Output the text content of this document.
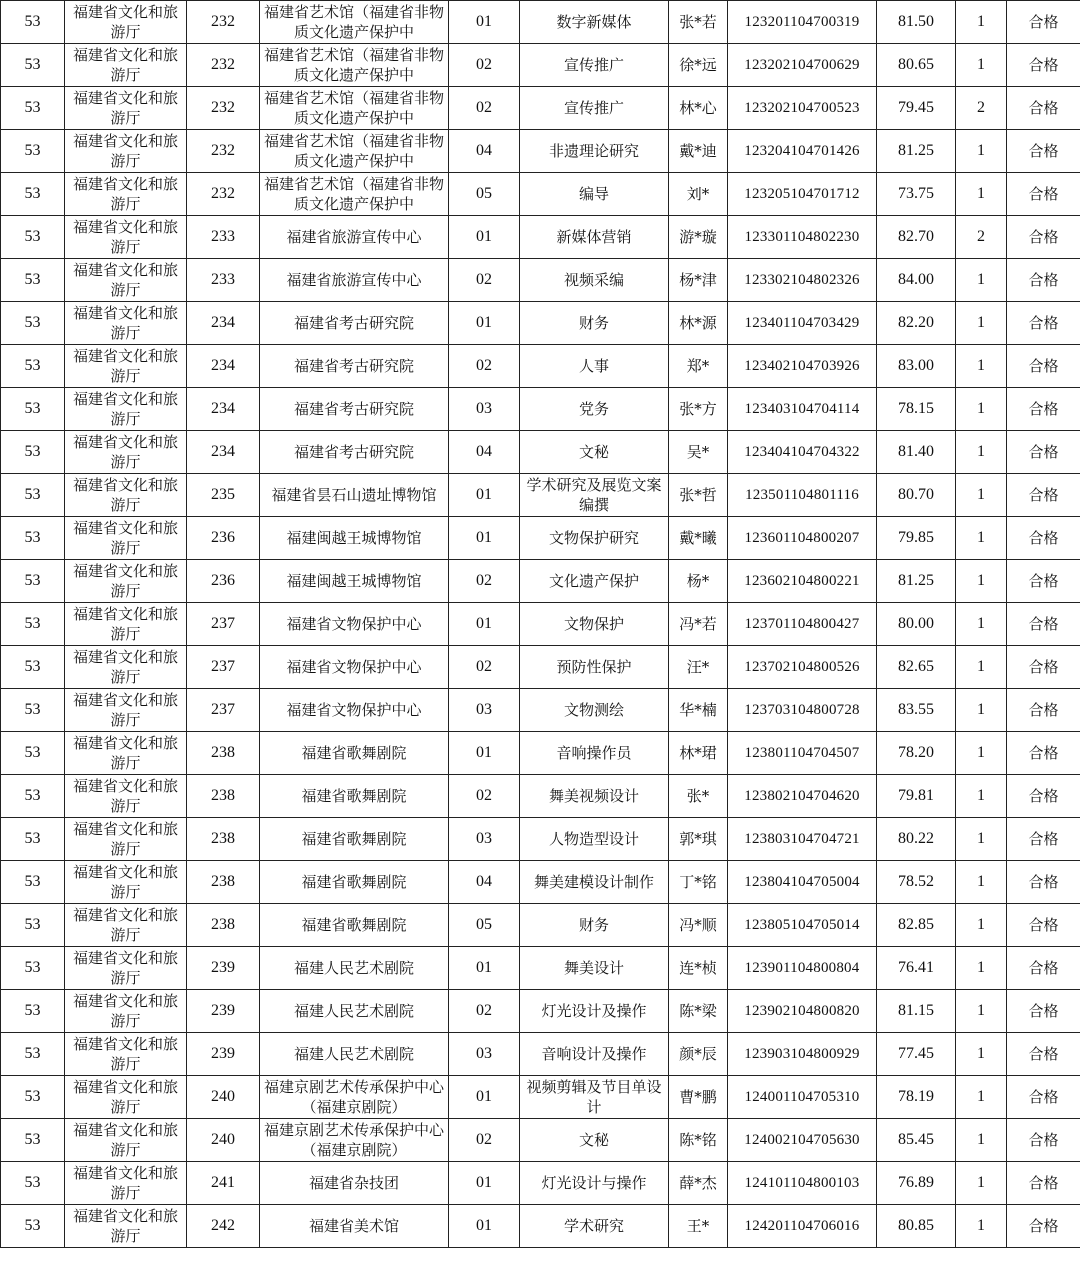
53	福建省文化和旅游厅	232	福建省艺术馆（福建省非物质文化遗产保护中	01	数字新媒体	张*若	123201104700319	81.50	1	合格
53	福建省文化和旅游厅	232	福建省艺术馆（福建省非物质文化遗产保护中	02	宣传推广	徐*远	123202104700629	80.65	1	合格
53	福建省文化和旅游厅	232	福建省艺术馆（福建省非物质文化遗产保护中	02	宣传推广	林*心	123202104700523	79.45	2	合格
53	福建省文化和旅游厅	232	福建省艺术馆（福建省非物质文化遗产保护中	04	非遗理论研究	戴*迪	123204104701426	81.25	1	合格
53	福建省文化和旅游厅	232	福建省艺术馆（福建省非物质文化遗产保护中	05	编导	刘*	123205104701712	73.75	1	合格
53	福建省文化和旅游厅	233	福建省旅游宣传中心	01	新媒体营销	游*璇	123301104802230	82.70	2	合格
53	福建省文化和旅游厅	233	福建省旅游宣传中心	02	视频采编	杨*津	123302104802326	84.00	1	合格
53	福建省文化和旅游厅	234	福建省考古研究院	01	财务	林*源	123401104703429	82.20	1	合格
53	福建省文化和旅游厅	234	福建省考古研究院	02	人事	郑*	123402104703926	83.00	1	合格
53	福建省文化和旅游厅	234	福建省考古研究院	03	党务	张*方	123403104704114	78.15	1	合格
53	福建省文化和旅游厅	234	福建省考古研究院	04	文秘	吴*	123404104704322	81.40	1	合格
53	福建省文化和旅游厅	235	福建省昙石山遗址博物馆	01	学术研究及展览文案编撰	张*哲	123501104801116	80.70	1	合格
53	福建省文化和旅游厅	236	福建闽越王城博物馆	01	文物保护研究	戴*曦	123601104800207	79.85	1	合格
53	福建省文化和旅游厅	236	福建闽越王城博物馆	02	文化遗产保护	杨*	123602104800221	81.25	1	合格
53	福建省文化和旅游厅	237	福建省文物保护中心	01	文物保护	冯*若	123701104800427	80.00	1	合格
53	福建省文化和旅游厅	237	福建省文物保护中心	02	预防性保护	汪*	123702104800526	82.65	1	合格
53	福建省文化和旅游厅	237	福建省文物保护中心	03	文物测绘	华*楠	123703104800728	83.55	1	合格
53	福建省文化和旅游厅	238	福建省歌舞剧院	01	音响操作员	林*珺	123801104704507	78.20	1	合格
53	福建省文化和旅游厅	238	福建省歌舞剧院	02	舞美视频设计	张*	123802104704620	79.81	1	合格
53	福建省文化和旅游厅	238	福建省歌舞剧院	03	人物造型设计	郭*琪	123803104704721	80.22	1	合格
53	福建省文化和旅游厅	238	福建省歌舞剧院	04	舞美建模设计制作	丁*铭	123804104705004	78.52	1	合格
53	福建省文化和旅游厅	238	福建省歌舞剧院	05	财务	冯*顺	123805104705014	82.85	1	合格
53	福建省文化和旅游厅	239	福建人民艺术剧院	01	舞美设计	连*桢	123901104800804	76.41	1	合格
53	福建省文化和旅游厅	239	福建人民艺术剧院	02	灯光设计及操作	陈*梁	123902104800820	81.15	1	合格
53	福建省文化和旅游厅	239	福建人民艺术剧院	03	音响设计及操作	颜*辰	123903104800929	77.45	1	合格
53	福建省文化和旅游厅	240	福建京剧艺术传承保护中心（福建京剧院）	01	视频剪辑及节目单设计	曹*鹏	124001104705310	78.19	1	合格
53	福建省文化和旅游厅	240	福建京剧艺术传承保护中心（福建京剧院）	02	文秘	陈*铭	124002104705630	85.45	1	合格
53	福建省文化和旅游厅	241	福建省杂技团	01	灯光设计与操作	薛*杰	124101104800103	76.89	1	合格
53	福建省文化和旅游厅	242	福建省美术馆	01	学术研究	王*	124201104706016	80.85	1	合格
